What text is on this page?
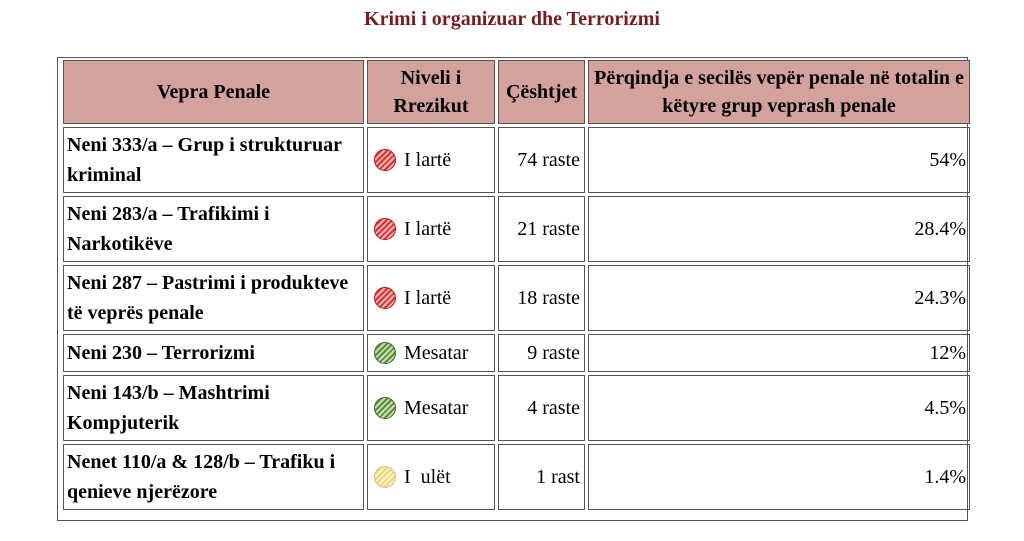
Krimi i organizuar dhe Terrorizmi
Vepra Penale	Niveli i Rrezikut	Çështjet	Përqindja e secilës vepër penale në totalin e këtyre grup veprash penale

Neni 333/a – Grup i strukturuar kriminal	I lartë	74 raste	54%

Neni 283/a – Trafikimi i Narkotikëve	I lartë	21 raste	28.4%

Neni 287 – Pastrimi i produkteve të veprës penale	I lartë	18 raste	24.3%

Neni 230 – Terrorizmi	Mesatar	9 raste	12%

Neni 143/b – Mashtrimi Kompjuterik	Mesatar	4 raste	4.5%

Nenet 110/a & 128/b – Trafiku i qenieve njerëzore	I  ulët	1 rast	1.4%
